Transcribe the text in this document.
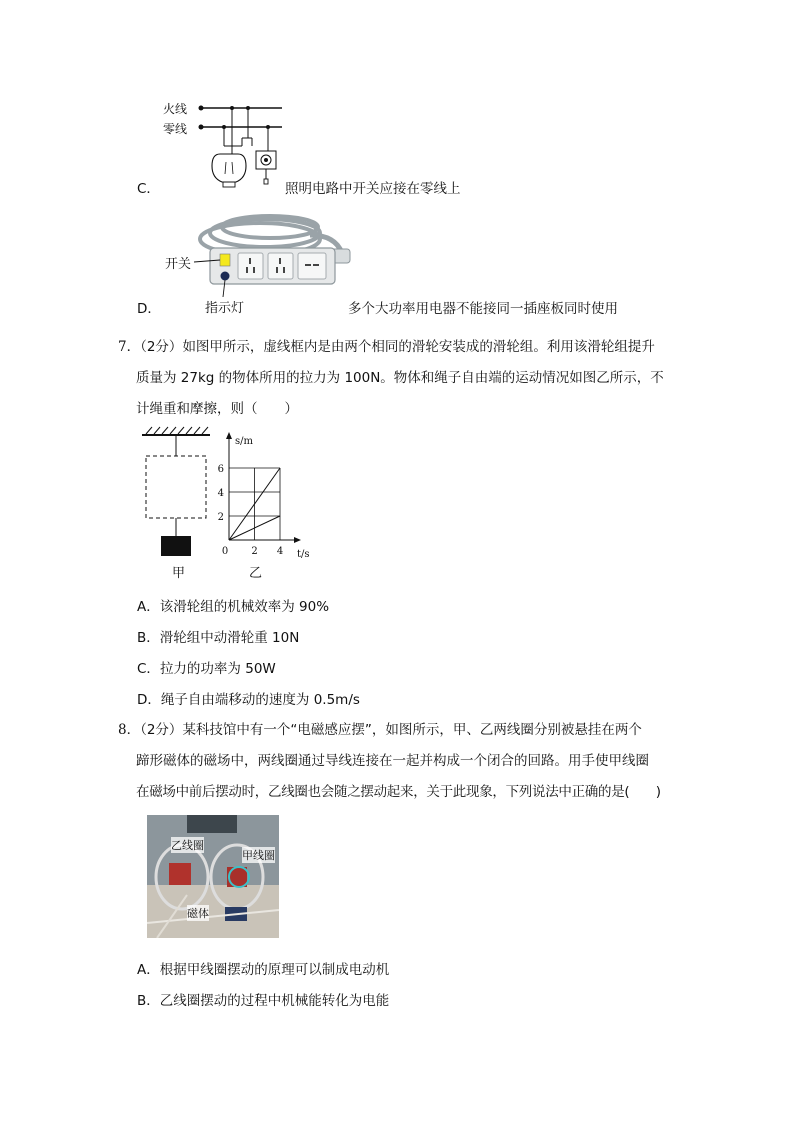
火线
零线
C．	照明电路中开关应接在零线上
开关
指示灯
D．	多个大功率用电器不能接同一插座板同时使用
7．（2分）如图甲所示，虚线框内是由两个相同的滑轮安装成的滑轮组。利用该滑轮组提升
质量为 27kg 的物体所用的拉力为 100N。物体和绳子自由端的运动情况如图乙所示，不
计绳重和摩擦，则（　　）
甲
2
4
6
0 2 4
s/m
t/s
乙
A．该滑轮组的机械效率为 90%
B．滑轮组中动滑轮重 10N
C．拉力的功率为 50W
D．绳子自由端移动的速度为 0.5m/s
8．（2分）某科技馆中有一个“电磁感应摆”，如图所示，甲、乙两线圈分别被悬挂在两个
蹄形磁体的磁场中，两线圈通过导线连接在一起并构成一个闭合的回路。用手使甲线圈
在磁场中前后摆动时，乙线圈也会随之摆动起来，关于此现象，下列说法中正确的是(　　)
乙线圈
甲线圈
磁体
A．根据甲线圈摆动的原理可以制成电动机
B．乙线圈摆动的过程中机械能转化为电能
